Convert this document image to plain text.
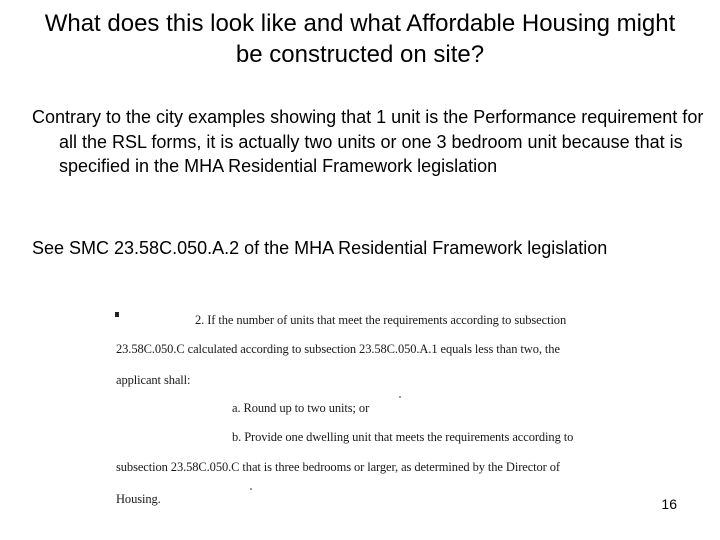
What does this look like and what Affordable Housing might be constructed on site?

Contrary to the city examples showing that 1 unit is the Performance requirement for all the RSL forms, it is actually two units or one 3 bedroom unit because that is specified in the MHA Residential Framework legislation

See SMC 23.58C.050.A.2 of the MHA Residential Framework legislation

2. If the number of units that meet the requirements according to subsection
23.58C.050.C calculated according to subsection 23.58C.050.A.1 equals less than two, the
applicant shall:
a. Round up to two units; or
b. Provide one dwelling unit that meets the requirements according to
subsection 23.58C.050.C that is three bedrooms or larger, as determined by the Director of
Housing.	16
